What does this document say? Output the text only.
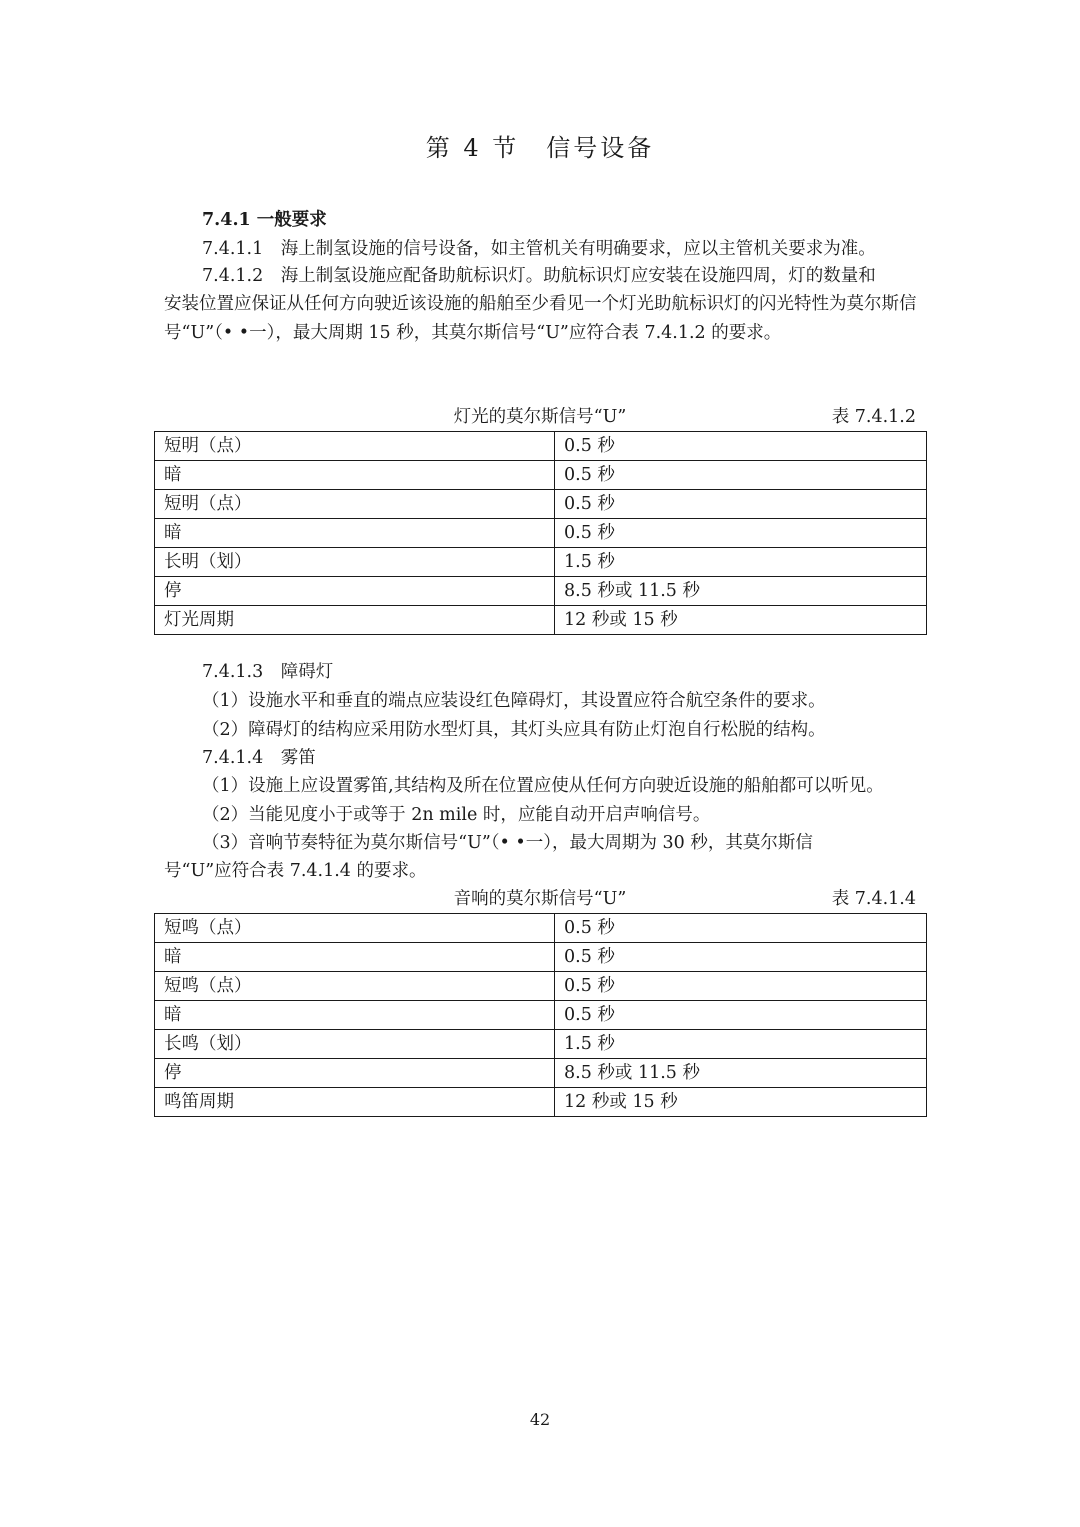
第 4 节　信号设备
7.4.1 一般要求
7.4.1.1　海上制氢设施的信号设备，如主管机关有明确要求，应以主管机关要求为准。
7.4.1.2　海上制氢设施应配备助航标识灯。助航标识灯应安装在设施四周，灯的数量和
安装位置应保证从任何方向驶近该设施的船舶至少看见一个灯光助航标识灯的闪光特性为莫尔斯信号“U”（• •一），最大周期 15 秒，其莫尔斯信号“U”应符合表 7.4.1.2 的要求。
灯光的莫尔斯信号“U”	表 7.4.1.2
短明（点）	0.5 秒
暗	0.5 秒
短明（点）	0.5 秒
暗	0.5 秒
长明（划）	1.5 秒
停	8.5 秒或 11.5 秒
灯光周期	12 秒或 15 秒
7.4.1.3　障碍灯
（1）设施水平和垂直的端点应装设红色障碍灯，其设置应符合航空条件的要求。
（2）障碍灯的结构应采用防水型灯具，其灯头应具有防止灯泡自行松脱的结构。
7.4.1.4　雾笛
（1）设施上应设置雾笛,其结构及所在位置应使从任何方向驶近设施的船舶都可以听见。
（2）当能见度小于或等于 2n mile 时，应能自动开启声响信号。
（3）音响节奏特征为莫尔斯信号“U”（• •一），最大周期为 30 秒，其莫尔斯信
号“U”应符合表 7.4.1.4 的要求。
音响的莫尔斯信号“U”	表 7.4.1.4
短鸣（点）	0.5 秒
暗	0.5 秒
短鸣（点）	0.5 秒
暗	0.5 秒
长鸣（划）	1.5 秒
停	8.5 秒或 11.5 秒
鸣笛周期	12 秒或 15 秒
42
